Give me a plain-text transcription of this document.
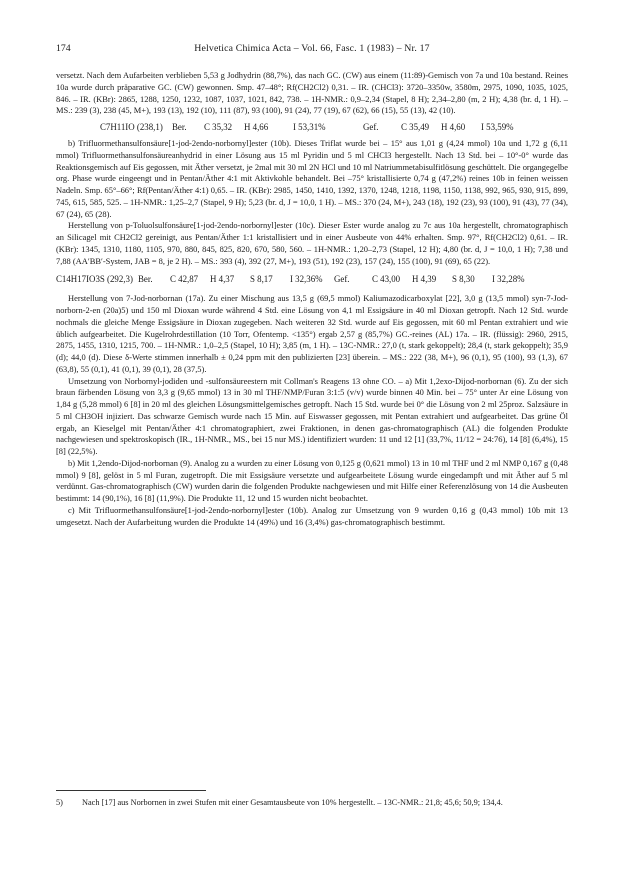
174	Helvetica Chimica Acta – Vol. 66, Fasc. 1 (1983) – Nr. 17

versetzt. Nach dem Aufarbeiten verblieben 5,53 g Jodhydrin (88,7%), das nach GC. (CW) aus einem (11:89)-Gemisch von 7a und 10a bestand. Reines 10a wurde durch präparative GC. (CW) gewonnen. Smp. 47–48°; Rf(CH2Cl2) 0,31. – IR. (CHCl3): 3720–3350w, 3580m, 2975, 1090, 1035, 1025, 846. – IR. (KBr): 2865, 1288, 1250, 1232, 1087, 1037, 1021, 842, 738. – 1H-NMR.: 0,9–2,34 (Stapel, 8 H); 2,34–2,80 (m, 2 H); 4,38 (br. d, 1 H). – MS.: 239 (3), 238 (45, M+), 193 (13), 192 (10), 111 (87), 93 (100), 91 (24), 77 (19), 67 (62), 66 (15), 55 (13), 42 (10).

C7H11IO (238,1)	Ber.	C 35,32	H 4,66	I 53,31%	Gef.	C 35,49	H 4,60	I 53,59%

b) Trifluormethansulfonsäure[1-jod-2endo-norbornyl]ester (10b). Dieses Triflat wurde bei – 15° aus 1,01 g (4,24 mmol) 10a und 1,72 g (6,11 mmol) Trifluormethansulfonsäureanhydrid in einer Lösung aus 15 ml Pyridin und 5 ml CHCl3 hergestellt. Nach 13 Std. bei – 10°-0° wurde das Reaktionsgemisch auf Eis gegossen, mit Äther versetzt, je 2mal mit 30 ml 2N HCl und 10 ml Natriummetabisulfitlösung geschüttelt. Die organgegelbe org. Phase wurde eingeengt und in Pentan/Äther 4:1 mit Aktivkohle behandelt. Bei –75° kristallisierte 0,74 g (47,2%) reines 10b in feinen weissen Nadeln. Smp. 65°–66°; Rf(Pentan/Äther 4:1) 0,65. – IR. (KBr): 2985, 1450, 1410, 1392, 1370, 1248, 1218, 1198, 1150, 1138, 992, 965, 930, 915, 899, 745, 615, 585, 525. – 1H-NMR.: 1,25–2,7 (Stapel, 9 H); 5,23 (br. d, J = 10,0, 1 H). – MS.: 370 (24, M+), 243 (18), 192 (23), 93 (100), 91 (43), 77 (34), 67 (24), 65 (28).

Herstellung von p-Toluolsulfonsäure[1-jod-2endo-norbornyl]ester (10c). Dieser Ester wurde analog zu 7c aus 10a hergestellt, chromatographisch an Silicagel mit CH2Cl2 gereinigt, aus Pentan/Äther 1:1 kristallisiert und in einer Ausbeute von 44% erhalten. Smp. 97°, Rf(CH2Cl2) 0,61. – IR. (KBr): 1345, 1310, 1180, 1105, 970, 880, 845, 825, 820, 670, 580, 560. – 1H-NMR.: 1,20–2,73 (Stapel, 12 H); 4,80 (br. d, J = 10,0, 1 H); 7,38 und 7,88 (AA′BB′-System, JAB = 8, je 2 H). – MS.: 393 (4), 392 (27, M+), 193 (51), 192 (23), 157 (24), 155 (100), 91 (69), 65 (22).

C14H17IO3S (292,3) Ber.	C 42,87	H 4,37	S 8,17	I 32,36%	Gef.	C 43,00	H 4,39	S 8,30	I 32,28%

Herstellung von 7-Jod-norbornan (17a). Zu einer Mischung aus 13,5 g (69,5 mmol) Kaliumazodicarboxylat [22], 3,0 g (13,5 mmol) syn-7-Jod-norborn-2-en (20a)5) und 150 ml Dioxan wurde während 4 Std. eine Lösung von 4,1 ml Essigsäure in 40 ml Dioxan getropft. Nach 12 Std. wurde nochmals die gleiche Menge Essigsäure in Dioxan zugegeben. Nach weiteren 32 Std. wurde auf Eis gegossen, mit 60 ml Pentan extrahiert und wie üblich aufgearbeitet. Die Kugelrohrdestillation (10 Torr, Ofentemp. <135°) ergab 2,57 g (85,7%) GC.-reines (AL) 17a. – IR. (flüssig): 2960, 2915, 2875, 1455, 1310, 1215, 700. – 1H-NMR.: 1,0–2,5 (Stapel, 10 H); 3,85 (m, 1 H). – 13C-NMR.: 27,0 (t, stark gekoppelt); 28,4 (t, stark gekoppelt); 35,9 (d); 44,0 (d). Diese δ-Werte stimmen innerhalb ± 0,24 ppm mit den publizierten [23] überein. – MS.: 222 (38, M+), 96 (0,1), 95 (100), 93 (1,3), 67 (63,8), 55 (0,1), 41 (0,1), 39 (0,1), 28 (37,5).

Umsetzung von Norbornyl-jodiden und -sulfonsäureestern mit Collman's Reagens 13 ohne CO. – a) Mit 1,2exo-Dijod-norbornan (6). Zu der sich braun färbenden Lösung von 3,3 g (9,65 mmol) 13 in 30 ml THF/NMP/Furan 3:1:5 (v/v) wurde binnen 40 Min. bei – 75° unter Ar eine Lösung von 1,84 g (5,28 mmol) 6 [8] in 20 ml des gleichen Lösungsmittelgemisches getropft. Nach 15 Std. wurde bei 0° die Lösung von 2 ml 25proz. Salzsäure in 5 ml CH3OH injiziert. Das schwarze Gemisch wurde nach 15 Min. auf Eiswasser gegossen, mit Pentan extrahiert und aufgearbeitet. Das grüne Öl ergab, an Kieselgel mit Pentan/Äther 4:1 chromatographiert, zwei Fraktionen, in denen gas-chromatographisch (AL) die folgenden Produkte nachgewiesen und spektroskopisch (IR., 1H-NMR., MS., bei 15 nur MS.) identifiziert wurden: 11 und 12 [1] (33,7%, 11/12 = 24:76), 14 [8] (6,4%), 15 [8] (22,5%).

b) Mit 1,2endo-Dijod-norbornan (9). Analog zu a wurden zu einer Lösung von 0,125 g (0,621 mmol) 13 in 10 ml THF und 2 ml NMP 0,167 g (0,48 mmol) 9 [8], gelöst in 5 ml Furan, zugetropft. Die mit Essigsäure versetzte und aufgearbeitete Lösung wurde eingedampft und mit Äther auf 5 ml verdünnt. Gas-chromatographisch (CW) wurden darin die folgenden Produkte nachgewiesen und mit Hilfe einer Referenzlösung von 14 die Ausbeuten bestimmt: 14 (90,1%), 16 [8] (11,9%). Die Produkte 11, 12 und 15 wurden nicht beobachtet.

c) Mit Trifluormethansulfonsäure[1-jod-2endo-norbornyl]ester (10b). Analog zur Umsetzung von 9 wurden 0,16 g (0,43 mmol) 10b mit 13 umgesetzt. Nach der Aufarbeitung wurden die Produkte 14 (49%) und 16 (3,4%) gas-chromatographisch bestimmt.

5) Nach [17] aus Norbornen in zwei Stufen mit einer Gesamtausbeute von 10% hergestellt. – 13C-NMR.: 21,8; 45,6; 50,9; 134,4.
